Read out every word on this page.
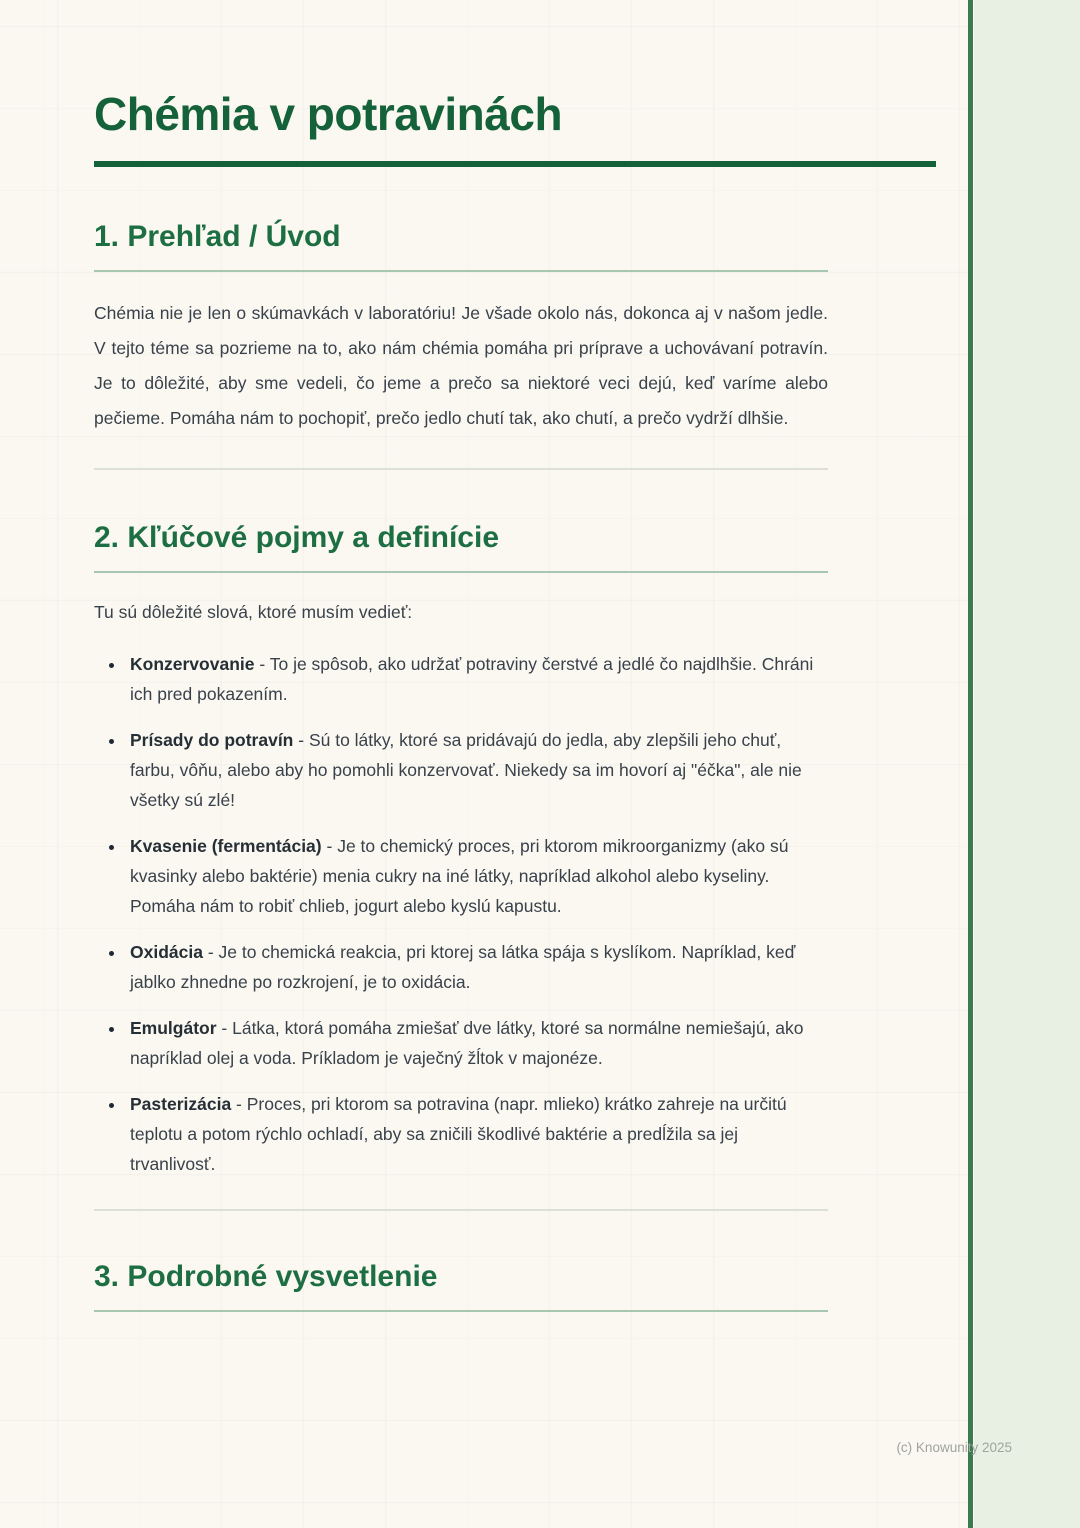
Chémia v potravinách
1. Prehľad / Úvod

Chémia nie je len o skúmavkách v laboratóriu! Je všade okolo nás, dokonca aj v našom jedle. V tejto téme sa pozrieme na to, ako nám chémia pomáha pri príprave a uchovávaní potravín. Je to dôležité, aby sme vedeli, čo jeme a prečo sa niektoré veci dejú, keď varíme alebo pečieme. Pomáha nám to pochopiť, prečo jedlo chutí tak, ako chutí, a prečo vydrží dlhšie.

2. Kľúčové pojmy a definície

Tu sú dôležité slová, ktoré musím vedieť:

• Konzervovanie - To je spôsob, ako udržať potraviny čerstvé a jedlé čo najdlhšie. Chráni ich pred pokazením.
• Prísady do potravín - Sú to látky, ktoré sa pridávajú do jedla, aby zlepšili jeho chuť, farbu, vôňu, alebo aby ho pomohli konzervovať. Niekedy sa im hovorí aj "éčka", ale nie všetky sú zlé!
• Kvasenie (fermentácia) - Je to chemický proces, pri ktorom mikroorganizmy (ako sú kvasinky alebo baktérie) menia cukry na iné látky, napríklad alkohol alebo kyseliny. Pomáha nám to robiť chlieb, jogurt alebo kyslú kapustu.
• Oxidácia - Je to chemická reakcia, pri ktorej sa látka spája s kyslíkom. Napríklad, keď jablko zhnedne po rozkrojení, je to oxidácia.
• Emulgátor - Látka, ktorá pomáha zmiešať dve látky, ktoré sa normálne nemiešajú, ako napríklad olej a voda. Príkladom je vaječný žĺtok v majonéze.
• Pasterizácia - Proces, pri ktorom sa potravina (napr. mlieko) krátko zahreje na určitú teplotu a potom rýchlo ochladí, aby sa zničili škodlivé baktérie a predĺžila sa jej trvanlivosť.
3. Podrobné vysvetlenie
(c) Knowunity 2025
